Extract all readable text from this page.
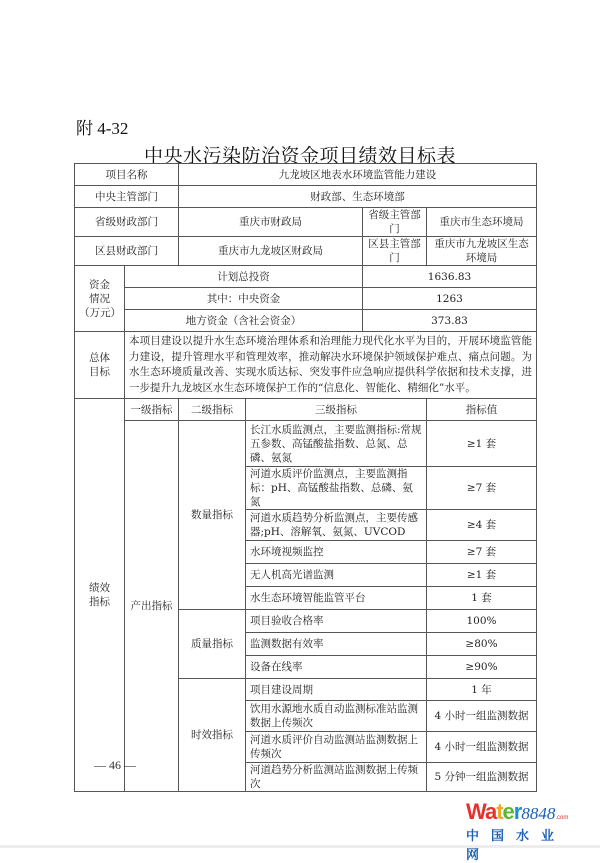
附 4-32
中央水污染防治资金项目绩效目标表
项目名称		九龙坡区地表水环境监管能力建设			
中央主管部门		财政部、生态环境部			
省级财政部门		重庆市财政局		省级主管部门	重庆市生态环境局
区县财政部门		重庆市九龙坡区财政局		区县主管部门	重庆市九龙坡区生态环境局

资金
情况
（万元）	计划总投资			1636.83	
	其中：中央资金			1263	
	地方资金（含社会资金）			373.83	

总体
目标	本项目建设以提升水生态环境治理体系和治理能力现代化水平为目的，开展环境监管能力建设，提升管理水平和管理效率，推动解决水环境保护领域保护难点、痛点问题。为水生态环境质量改善、实现水质达标、突发事件应急响应提供科学依据和技术支撑，进一步提升九龙坡区水生态环境保护工作的“信息化、智能化、精细化”水平。				

绩效
指标	一级指标	二级指标	三级指标		指标值
	产出指标	数量指标	长江水质监测点，主要监测指标:常规五参数、高锰酸盐指数、总氮、总磷、氨氮		≥1 套
			河道水质评价监测点，主要监测指标：pH、高锰酸盐指数、总磷、氨氮		≥7 套
			河道水质趋势分析监测点，主要传感器;pH、溶解氧、氨氮、UVCOD		≥4 套
			水环境视频监控		≥7 套
			无人机高光谱监测		≥1 套
			水生态环境智能监管平台		1 套
		质量指标	项目验收合格率		100%
			监测数据有效率		≥80%
			设备在线率		≥90%
		时效指标	项目建设周期		1 年
			饮用水源地水质自动监测标准站监测数据上传频次		4 小时一组监测数据
			河道水质评价自动监测站监测数据上传频次		4 小时一组监测数据
			河道趋势分析监测站监测数据上传频次		5 分钟一组监测数据
— 46 —
Water8848.com
中国水业网
